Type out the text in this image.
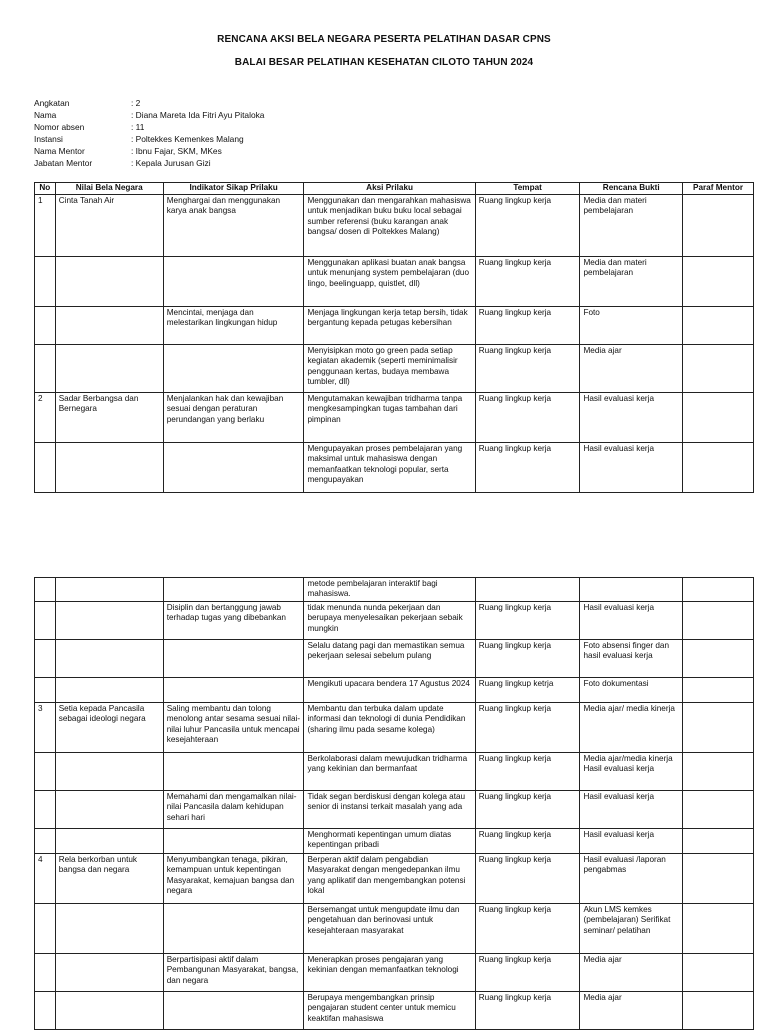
RENCANA AKSI BELA NEGARA PESERTA PELATIHAN DASAR CPNS
BALAI BESAR PELATIHAN KESEHATAN CILOTO TAHUN 2024
Angkatan	: 2
Nama	: Diana Mareta Ida Fitri Ayu Pitaloka
Nomor absen	: 11
Instansi	: Poltekkes Kemenkes Malang
Nama Mentor	: Ibnu Fajar, SKM, MKes
Jabatan Mentor	: Kepala Jurusan Gizi
No	Nilai Bela Negara	Indikator Sikap Prilaku	Aksi Prilaku	Tempat	Rencana Bukti	Paraf Mentor
1	Cinta Tanah Air	Menghargai dan menggunakan karya anak bangsa	Menggunakan dan mengarahkan mahasiswa untuk menjadikan buku buku local sebagai sumber referensi (buku karangan anak bangsa/ dosen di Poltekkes Malang)	Ruang lingkup kerja	Media dan materi pembelajaran	
			Menggunakan aplikasi buatan anak bangsa untuk menunjang system pembelajaran (duo lingo, beelinguapp, quistlet, dll)	Ruang lingkup kerja	Media dan materi pembelajaran	
		Mencintai, menjaga dan melestarikan lingkungan hidup	Menjaga lingkungan kerja tetap bersih, tidak bergantung kepada petugas kebersihan	Ruang lingkup kerja	Foto	
			Menyisipkan moto go green pada setiap kegiatan akademik (seperti meminimalisir penggunaan kertas, budaya membawa tumbler, dll)	Ruang lingkup kerja	Media ajar	
2	Sadar Berbangsa dan Bernegara	Menjalankan hak dan kewajiban sesuai dengan peraturan perundangan yang berlaku	Mengutamakan kewajiban tridharma tanpa mengkesampingkan tugas tambahan dari pimpinan	Ruang lingkup kerja	Hasil evaluasi kerja	
			Mengupayakan proses pembelajaran yang maksimal untuk mahasiswa dengan memanfaatkan teknologi popular, serta mengupayakan	Ruang lingkup kerja	Hasil evaluasi kerja	
			metode pembelajaran interaktif bagi mahasiswa.			
		Disiplin dan bertanggung jawab terhadap tugas yang dibebankan	tidak menunda nunda pekerjaan dan berupaya menyelesaikan pekerjaan sebaik mungkin	Ruang lingkup kerja	Hasil evaluasi kerja	
			Selalu datang pagi dan memastikan semua pekerjaan selesai sebelum pulang	Ruang lingkup kerja	Foto absensi finger dan hasil evaluasi kerja	
			Mengikuti upacara bendera 17 Agustus 2024	Ruang lingkup ketrja	Foto dokumentasi	
3	Setia kepada Pancasila sebagai ideologi negara	Saling membantu dan tolong menolong antar sesama sesuai nilai-nilai luhur Pancasila untuk mencapai kesejahteraan	Membantu dan terbuka dalam update informasi dan teknologi di dunia Pendidikan (sharing ilmu pada sesame kolega)	Ruang lingkup kerja	Media ajar/ media kinerja	
			Berkolaborasi dalam mewujudkan tridharma yang kekinian dan bermanfaat	Ruang lingkup kerja	Media ajar/media kinerja Hasil evaluasi kerja	
		Memahami dan mengamalkan nilai-nilai Pancasila dalam kehidupan sehari hari	Tidak segan berdiskusi dengan kolega atau senior di instansi terkait masalah yang ada	Ruang lingkup kerja	Hasil evaluasi kerja	
			Menghormati kepentingan umum diatas kepentingan pribadi	Ruang lingkup kerja	Hasil evaluasi kerja	
4	Rela berkorban untuk bangsa dan negara	Menyumbangkan tenaga, pikiran, kemampuan untuk kepentingan Masyarakat, kemajuan bangsa dan negara	Berperan aktif dalam pengabdian Masyarakat dengan mengedepankan ilmu yang aplikatif dan mengembangkan potensi lokal	Ruang lingkup kerja	Hasil evaluasi /laporan pengabmas	
			Bersemangat untuk mengupdate ilmu dan pengetahuan dan berinovasi untuk kesejahteraan masyarakat	Ruang lingkup kerja	Akun LMS kemkes (pembelajaran) Serifikat seminar/ pelatihan	
		Berpartisipasi aktif dalam Pembangunan Masyarakat, bangsa, dan negara	Menerapkan proses pengajaran yang kekinian dengan memanfaatkan teknologi	Ruang lingkup kerja	Media ajar	
			Berupaya mengembangkan prinsip pengajaran student center untuk memicu keaktifan mahasiswa	Ruang lingkup kerja	Media ajar	
